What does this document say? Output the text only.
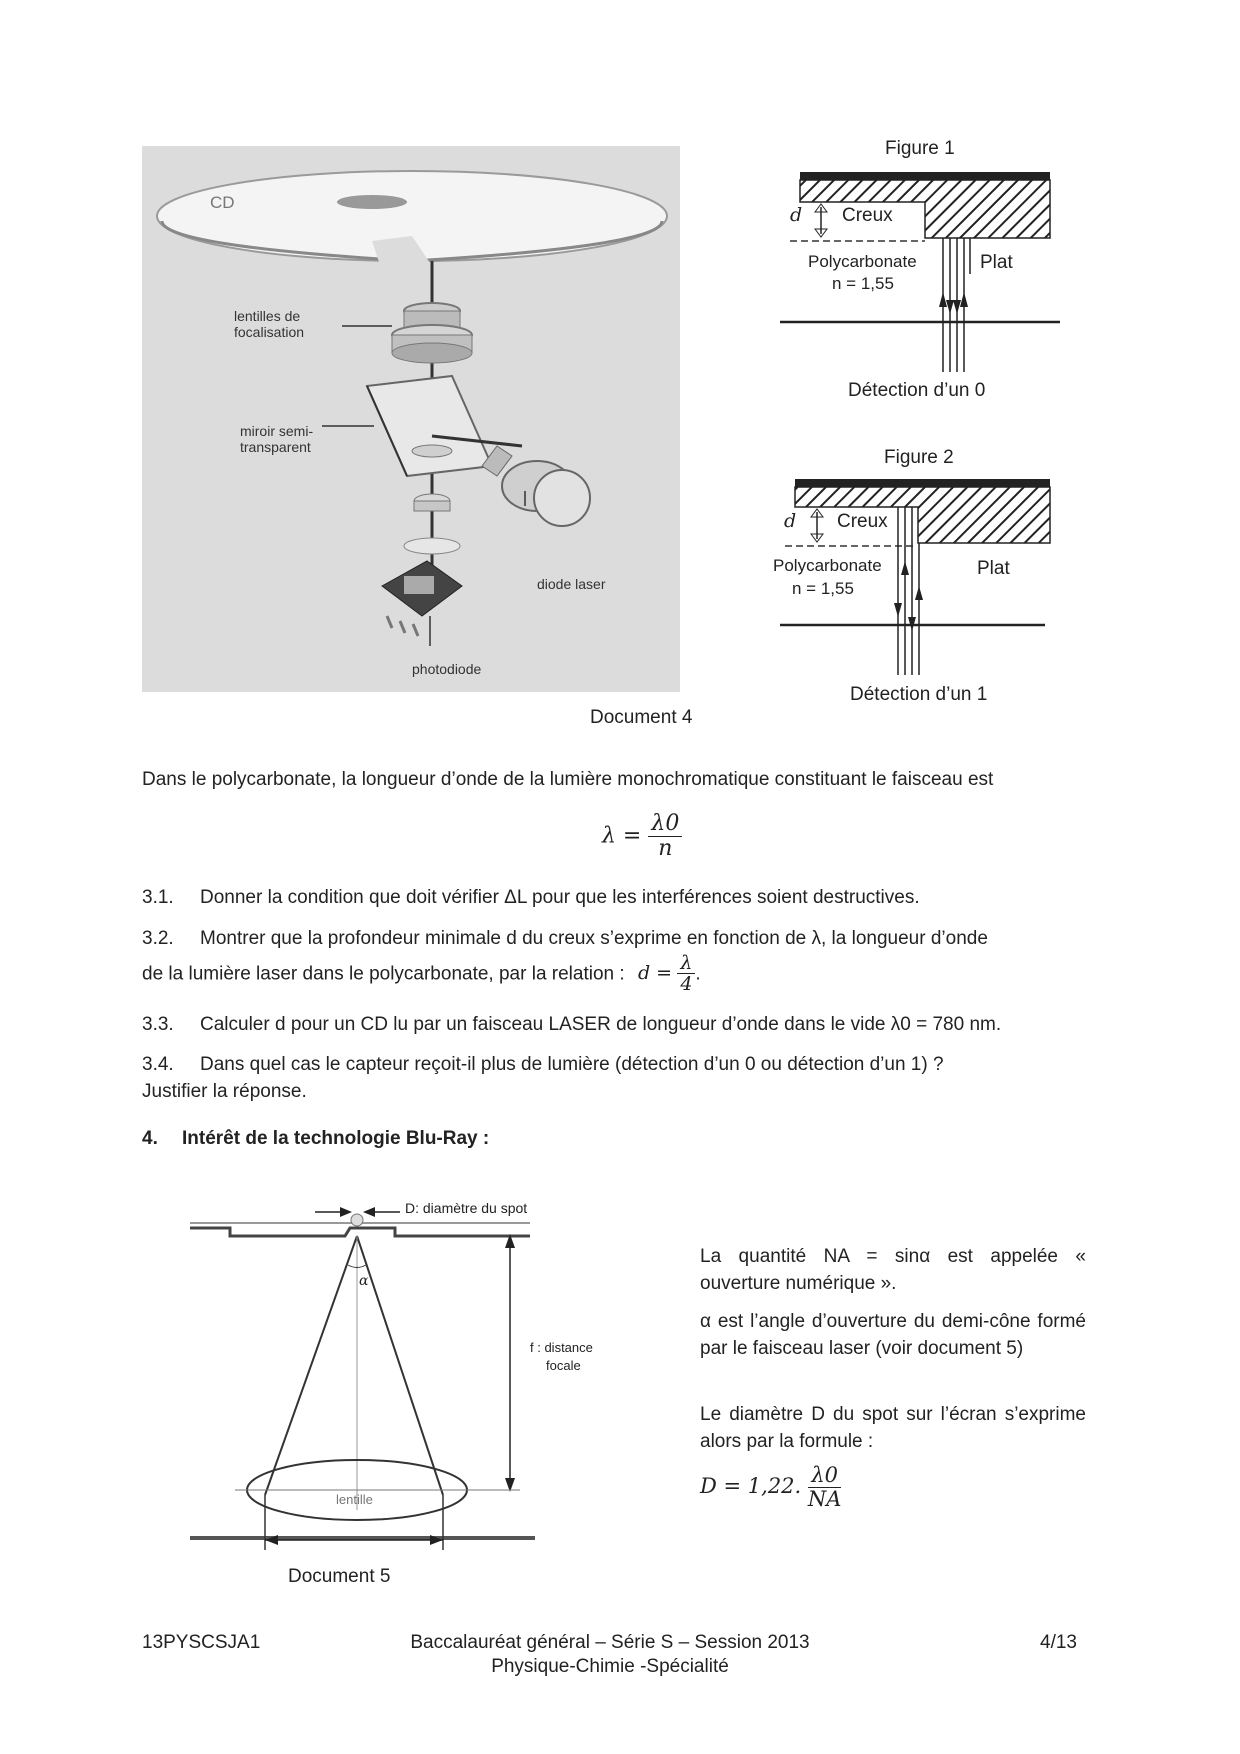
CD
lentilles de focalisation
miroir semi-transparent
diode laser
photodiode
Figure 1
d Creux
Polycarbonate
n = 1,55
Plat
Détection d’un 0
Figure 2
d Creux
Polycarbonate
n = 1,55
Plat
Détection d’un 1
Document 4
Dans le polycarbonate, la longueur d’onde de la lumière monochromatique constituant le faisceau est
$\lambda = \frac{\lambda 0}{n}$
3.1. Donner la condition que doit vérifier ΔL pour que les interférences soient destructives.
3.2. Montrer que la profondeur minimale d du creux s’exprime en fonction de λ, la longueur d’onde
de la lumière laser dans le polycarbonate, par la relation : $d = \frac{\lambda}{4}$ .
3.3. Calculer d pour un CD lu par un faisceau LASER de longueur d’onde dans le vide λ0 = 780 nm.
3.4. Dans quel cas le capteur reçoit-il plus de lumière (détection d’un 0 ou détection d’un 1) ?
Justifier la réponse.
4. Intérêt de la technologie Blu-Ray :
D: diamètre du spot
α
f : distance
focale
lentille
Document 5
La quantité NA = sinα est appelée « ouverture numérique ».
α est l’angle d’ouverture du demi-cône formé par le faisceau laser (voir document 5)
Le diamètre D du spot sur l’écran s’exprime alors par la formule :
D = 1,22. $\frac{\lambda 0}{NA}$
13PYSCSJA1	Baccalauréat général – Série S – Session 2013
Physique-Chimie -Spécialité
4/13
